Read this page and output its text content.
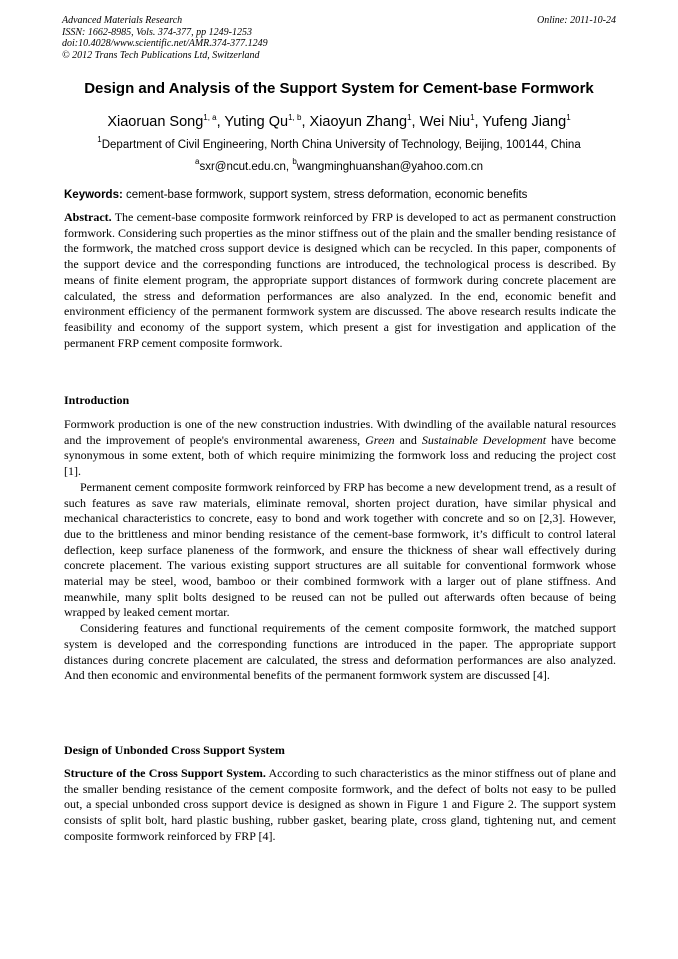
Advanced Materials Research
ISSN: 1662-8985, Vols. 374-377, pp 1249-1253
doi:10.4028/www.scientific.net/AMR.374-377.1249
© 2012 Trans Tech Publications Ltd, Switzerland
Online: 2011-10-24
Design and Analysis of the Support System for Cement-base Formwork
Xiaoruan Song$^{1, a}$, Yuting Qu$^{1, b}$, Xiaoyun Zhang$^1$, Wei Niu$^1$, Yufeng Jiang$^1$
$^1$Department of Civil Engineering, North China University of Technology, Beijing, 100144, China
$^a$sxr@ncut.edu.cn, $^b$wangminghuanshan@yahoo.com.cn
Keywords: cement-base formwork, support system, stress deformation, economic benefits

Abstract. The cement-base composite formwork reinforced by FRP is developed to act as permanent construction formwork. Considering such properties as the minor stiffness out of the plain and the smaller bending resistance of the formwork, the matched cross support device is designed which can be recycled. In this paper, components of the support device and the corresponding functions are introduced, the technological process is described. By means of finite element program, the appropriate support distances of formwork during concrete placement are calculated, the stress and deformation performances are also analyzed. In the end, economic benefit and environment efficiency of the permanent formwork system are discussed. The above research results indicate the feasibility and economy of the support system, which present a gist for investigation and application of the permanent FRP cement composite formwork.

Introduction

Formwork production is one of the new construction industries. With dwindling of the available natural resources and the improvement of people's environmental awareness, Green and Sustainable Development have become synonymous in some extent, both of which require minimizing the formwork loss and reducing the project cost [1].

Permanent cement composite formwork reinforced by FRP has become a new development trend, as a result of such features as save raw materials, eliminate removal, shorten project duration, have similar physical and mechanical characteristics to concrete, easy to bond and work together with concrete and so on [2,3]. However, due to the brittleness and minor bending resistance of the cement-base formwork, it’s difficult to control lateral deflection, keep surface planeness of the formwork, and ensure the thickness of shear wall effectively during concrete placement. The various existing support structures are all suitable for conventional formwork whose material may be steel, wood, bamboo or their combined formwork with a larger out of plane stiffness. And meanwhile, many split bolts designed to be reused can not be pulled out afterwards often because of being wrapped by leaked cement mortar.

Considering features and functional requirements of the cement composite formwork, the matched support system is developed and the corresponding functions are introduced in the paper. The appropriate support distances during concrete placement are calculated, the stress and deformation performances are also analyzed. And then economic and environmental benefits of the permanent formwork system are discussed [4].

Design of Unbonded Cross Support System

Structure of the Cross Support System. According to such characteristics as the minor stiffness out of plane and the smaller bending resistance of the cement composite formwork, and the defect of bolts not easy to be pulled out, a special unbonded cross support device is designed as shown in Figure 1 and Figure 2. The support system consists of split bolt, hard plastic bushing, rubber gasket, bearing plate, cross gland, tightening nut, and cement composite formwork reinforced by FRP [4].
